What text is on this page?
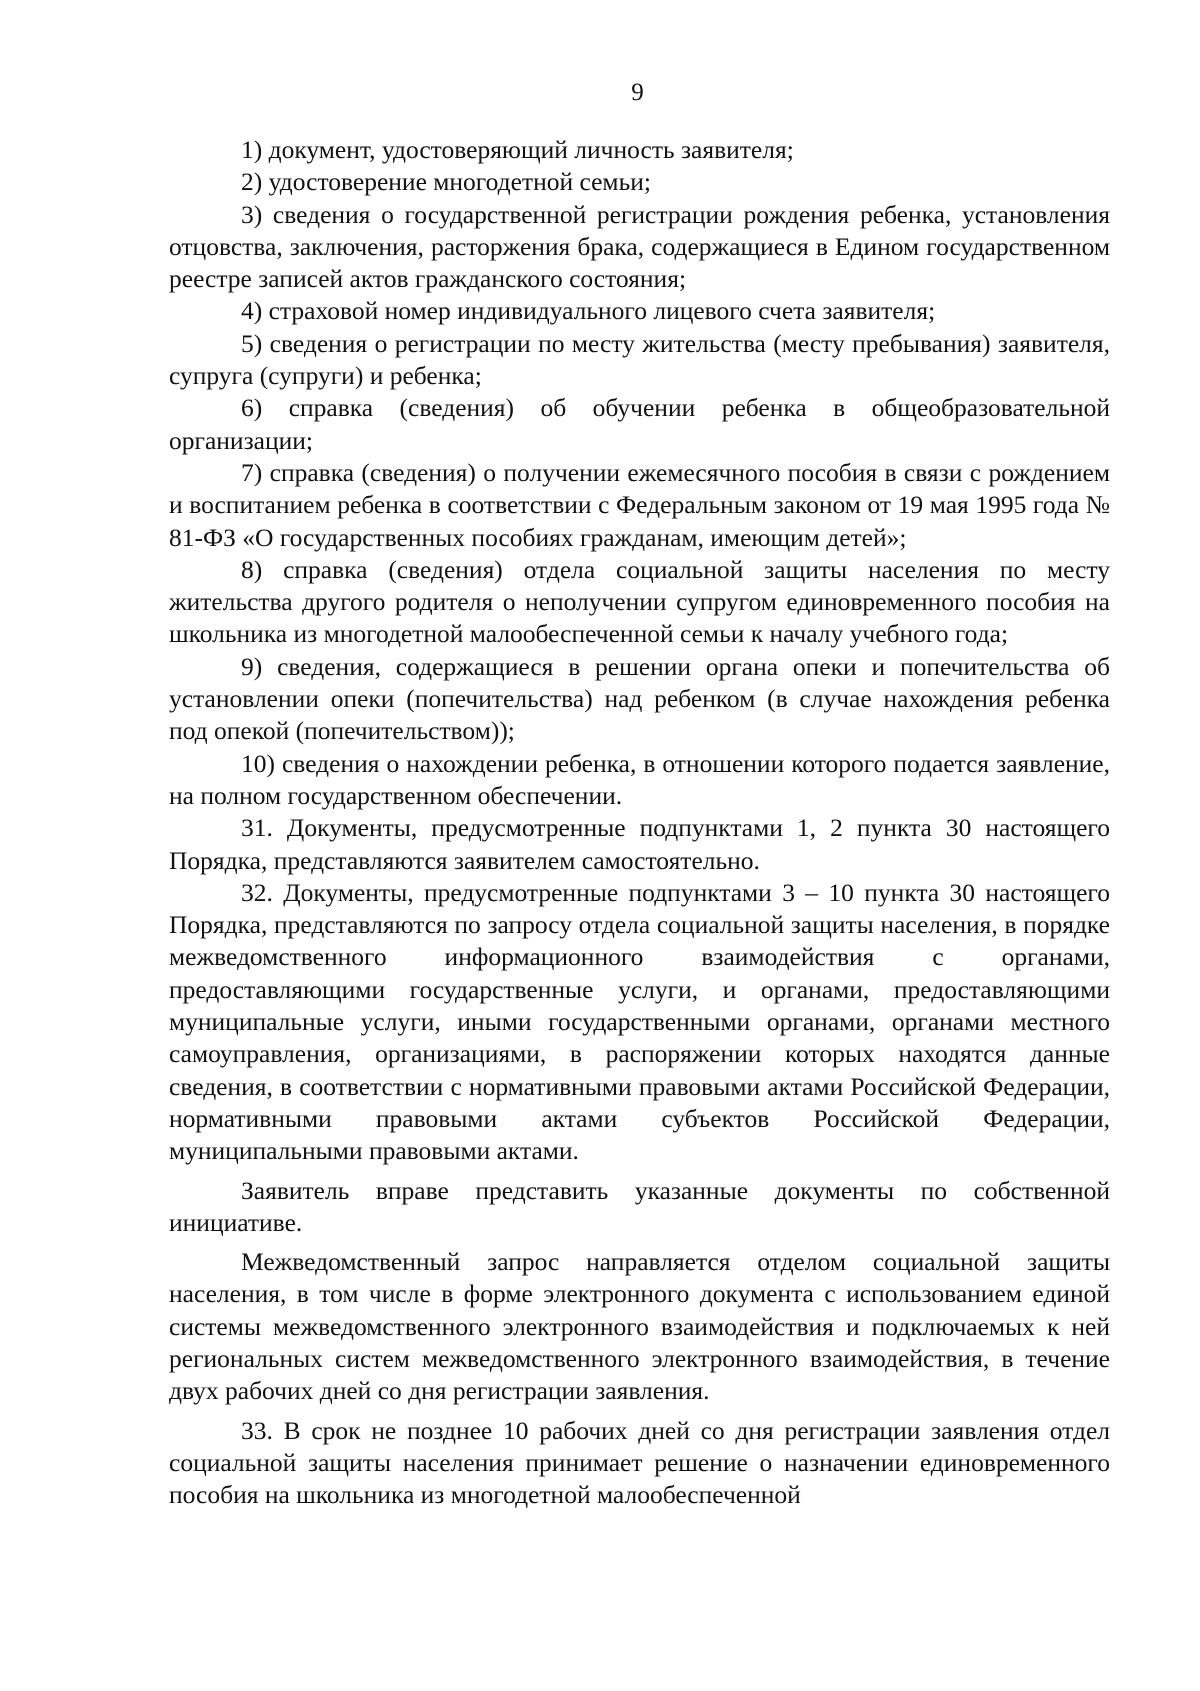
9

1) документ, удостоверяющий личность заявителя;

2) удостоверение многодетной семьи;

3) сведения о государственной регистрации рождения ребенка, установления отцовства, заключения, расторжения брака, содержащиеся в Едином государственном реестре записей актов гражданского состояния;

4) страховой номер индивидуального лицевого счета заявителя;

5) сведения о регистрации по месту жительства (месту пребывания) заявителя, супруга (супруги) и ребенка;

6) справка (сведения) об обучении ребенка в общеобразовательной организации;

7) справка (сведения) о получении ежемесячного пособия в связи с рождением и воспитанием ребенка в соответствии с Федеральным законом от 19 мая 1995 года № 81-ФЗ «О государственных пособиях гражданам, имеющим детей»;

8) справка (сведения) отдела социальной защиты населения по месту жительства другого родителя о неполучении супругом единовременного пособия на школьника из многодетной малообеспеченной семьи к началу учебного года;

9) сведения, содержащиеся в решении органа опеки и попечительства об установлении опеки (попечительства) над ребенком (в случае нахождения ребенка под опекой (попечительством));

10) сведения о нахождении ребенка, в отношении которого подается заявление, на полном государственном обеспечении.

31. Документы, предусмотренные подпунктами 1, 2 пункта 30 настоящего Порядка, представляются заявителем самостоятельно.

32. Документы, предусмотренные подпунктами 3 – 10 пункта 30 настоящего Порядка, представляются по запросу отдела социальной защиты населения, в порядке межведомственного информационного взаимодействия с органами, предоставляющими государственные услуги, и органами, предоставляющими муниципальные услуги, иными государственными органами, органами местного самоуправления, организациями, в распоряжении которых находятся данные сведения, в соответствии с нормативными правовыми актами Российской Федерации, нормативными правовыми актами субъектов Российской Федерации, муниципальными правовыми актами.

Заявитель вправе представить указанные документы по собственной инициативе.

Межведомственный запрос направляется отделом социальной защиты населения, в том числе в форме электронного документа с использованием единой системы межведомственного электронного взаимодействия и подключаемых к ней региональных систем межведомственного электронного взаимодействия, в течение двух рабочих дней со дня регистрации заявления.

33. В срок не позднее 10 рабочих дней со дня регистрации заявления отдел социальной защиты населения принимает решение о назначении единовременного пособия на школьника из многодетной малообеспеченной
